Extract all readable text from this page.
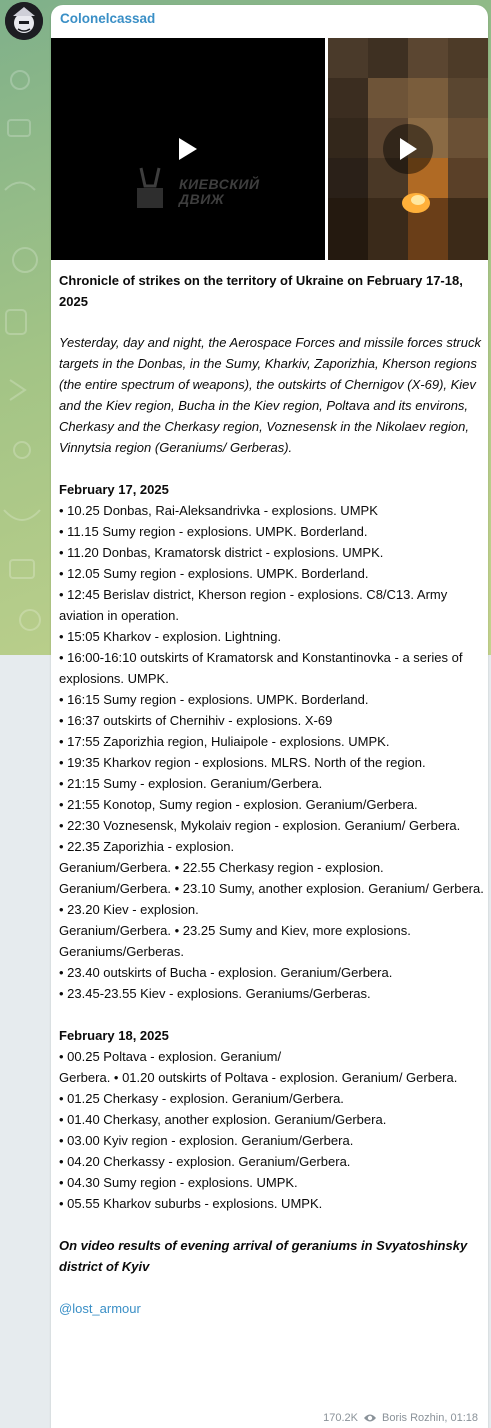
Colonelcassad
КИЕВСКИЙ
ДВИЖ

Chronicle of strikes on the territory of Ukraine on February 17-18, 2025

Yesterday, day and night, the Aerospace Forces and missile forces struck targets in the Donbas, in the Sumy, Kharkiv, Zaporizhia, Kherson regions (the entire spectrum of weapons), the outskirts of Chernigov (X-69), Kiev and the Kiev region, Bucha in the Kiev region, Poltava and its environs, Cherkasy and the Cherkasy region, Voznesensk in the Nikolaev region, Vinnytsia region (Geraniums/ Gerberas).

February 17, 2025

• 10.25 Donbas, Rai-Aleksandrivka - explosions. UMPK

• 11.15 Sumy region - explosions. UMPK. Borderland.

• 11.20 Donbas, Kramatorsk district - explosions. UMPK.

• 12.05 Sumy region - explosions. UMPK. Borderland.

• 12:45 Berislav district, Kherson region - explosions. C8/C13. Army aviation in operation.

• 15:05 Kharkov - explosion. Lightning.

• 16:00-16:10 outskirts of Kramatorsk and Konstantinovka - a series of explosions. UMPK.

• 16:15 Sumy region - explosions. UMPK. Borderland.

• 16:37 outskirts of Chernihiv - explosions. X-69

• 17:55 Zaporizhia region, Huliaipole - explosions. UMPK.

• 19:35 Kharkov region - explosions. MLRS. North of the region.

• 21:15 Sumy - explosion. Geranium/Gerbera.

• 21:55 Konotop, Sumy region - explosion. Geranium/Gerbera.

• 22:30 Voznesensk, Mykolaiv region - explosion. Geranium/ Gerbera.

• 22.35 Zaporizhia - explosion.

Geranium/Gerbera. • 22.55 Cherkasy region - explosion.

Geranium/Gerbera. • 23.10 Sumy, another explosion. Geranium/ Gerbera.

• 23.20 Kiev - explosion.

Geranium/Gerbera. • 23.25 Sumy and Kiev, more explosions. Geraniums/Gerberas.

• 23.40 outskirts of Bucha - explosion. Geranium/Gerbera.

• 23.45-23.55 Kiev - explosions. Geraniums/Gerberas.

February 18, 2025

• 00.25 Poltava - explosion. Geranium/

Gerbera. • 01.20 outskirts of Poltava - explosion. Geranium/ Gerbera.

• 01.25 Cherkasy - explosion. Geranium/Gerbera.

• 01.40 Cherkasy, another explosion. Geranium/Gerbera.

• 03.00 Kyiv region - explosion. Geranium/Gerbera.

• 04.20 Cherkassy - explosion. Geranium/Gerbera.

• 04.30 Sumy region - explosions. UMPK.

• 05.55 Kharkov suburbs - explosions. UMPK.

On video results of evening arrival of geraniums in Svyatoshinsky district of Kyiv

@lost_armour
170.2K Boris Rozhin, 01:18
